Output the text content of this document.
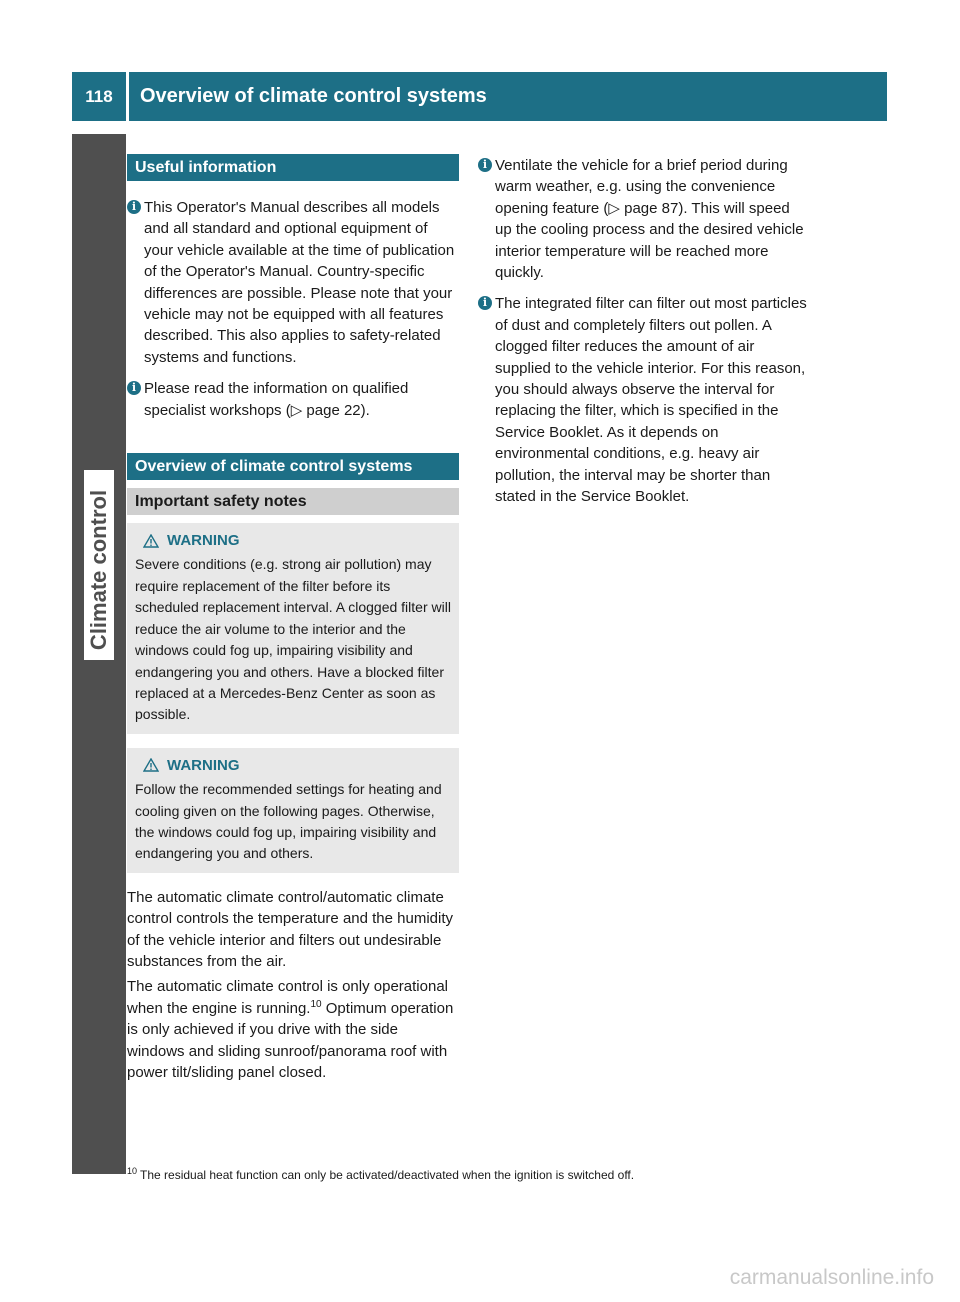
118	Overview of climate control systems
Climate control
Useful information
i This Operator's Manual describes all models and all standard and optional equipment of your vehicle available at the time of publication of the Operator's Manual. Country-specific differences are possible. Please note that your vehicle may not be equipped with all features described. This also applies to safety-related systems and functions.
i Please read the information on qualified specialist workshops (▷ page 22).
Overview of climate control systems
Important safety notes
WARNING
Severe conditions (e.g. strong air pollution) may require replacement of the filter before its scheduled replacement interval. A clogged filter will reduce the air volume to the interior and the windows could fog up, impairing visibility and endangering you and others. Have a blocked filter replaced at a Mercedes-Benz Center as soon as possible.
WARNING
Follow the recommended settings for heating and cooling given on the following pages. Otherwise, the windows could fog up, impairing visibility and endangering you and others.
The automatic climate control/automatic climate control controls the temperature and the humidity of the vehicle interior and filters out undesirable substances from the air.
The automatic climate control is only operational when the engine is running.$^{10}$ Optimum operation is only achieved if you drive with the side windows and sliding sunroof/panorama roof with power tilt/sliding panel closed.
i Ventilate the vehicle for a brief period during warm weather, e.g. using the convenience opening feature (▷ page 87). This will speed up the cooling process and the desired vehicle interior temperature will be reached more quickly.
i The integrated filter can filter out most particles of dust and completely filters out pollen. A clogged filter reduces the amount of air supplied to the vehicle interior. For this reason, you should always observe the interval for replacing the filter, which is specified in the Service Booklet. As it depends on environmental conditions, e.g. heavy air pollution, the interval may be shorter than stated in the Service Booklet.
$^{10}$ The residual heat function can only be activated/deactivated when the ignition is switched off.
carmanualsonline.info
